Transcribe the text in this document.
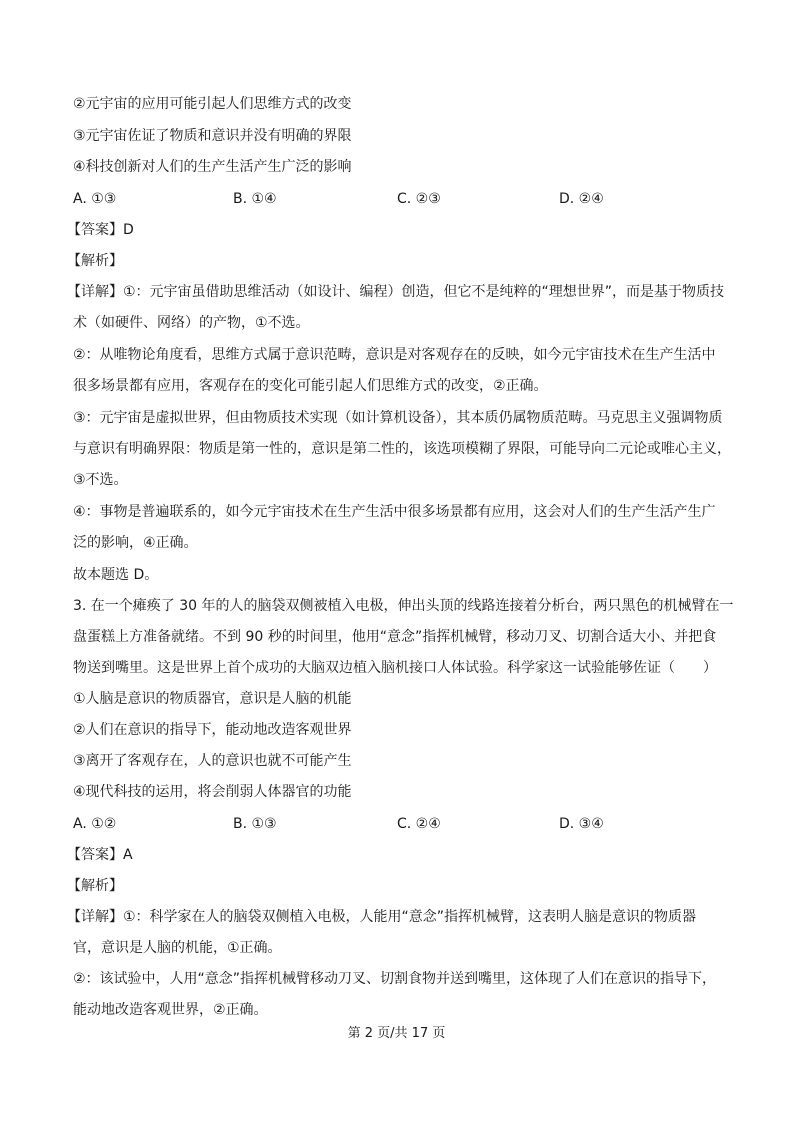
②元宇宙的应用可能引起人们思维方式的改变
③元宇宙佐证了物质和意识并没有明确的界限
④科技创新对人们的生产生活产生广泛的影响
A. ①③	B. ①④	C. ②③	D. ②④
【答案】D
【解析】
【详解】①：元宇宙虽借助思维活动（如设计、编程）创造，但它不是纯粹的“理想世界”，而是基于物质技
术（如硬件、网络）的产物，①不选。
②：从唯物论角度看，思维方式属于意识范畴，意识是对客观存在的反映，如今元宇宙技术在生产生活中
很多场景都有应用，客观存在的变化可能引起人们思维方式的改变，②正确。
③：元宇宙是虚拟世界，但由物质技术实现（如计算机设备），其本质仍属物质范畴。马克思主义强调物质
与意识有明确界限：物质是第一性的，意识是第二性的，该选项模糊了界限，可能导向二元论或唯心主义，
③不选。
④：事物是普遍联系的，如今元宇宙技术在生产生活中很多场景都有应用，这会对人们的生产生活产生广
泛的影响，④正确。
故本题选 D。
3. 在一个瘫痪了 30 年的人的脑袋双侧被植入电极，伸出头顶的线路连接着分析台，两只黑色的机械臂在一
盘蛋糕上方准备就绪。不到 90 秒的时间里，他用“意念”指挥机械臂，移动刀叉、切割合适大小、并把食
物送到嘴里。这是世界上首个成功的大脑双边植入脑机接口人体试验。科学家这一试验能够佐证（　　）
①人脑是意识的物质器官，意识是人脑的机能
②人们在意识的指导下，能动地改造客观世界
③离开了客观存在，人的意识也就不可能产生
④现代科技的运用，将会削弱人体器官的功能
A. ①②	B. ①③	C. ②④	D. ③④
【答案】A
【解析】
【详解】①：科学家在人的脑袋双侧植入电极，人能用“意念”指挥机械臂，这表明人脑是意识的物质器
官，意识是人脑的机能，①正确。
②：该试验中，人用“意念”指挥机械臂移动刀叉、切割食物并送到嘴里，这体现了人们在意识的指导下，
能动地改造客观世界，②正确。
第 2 页/共 17 页
